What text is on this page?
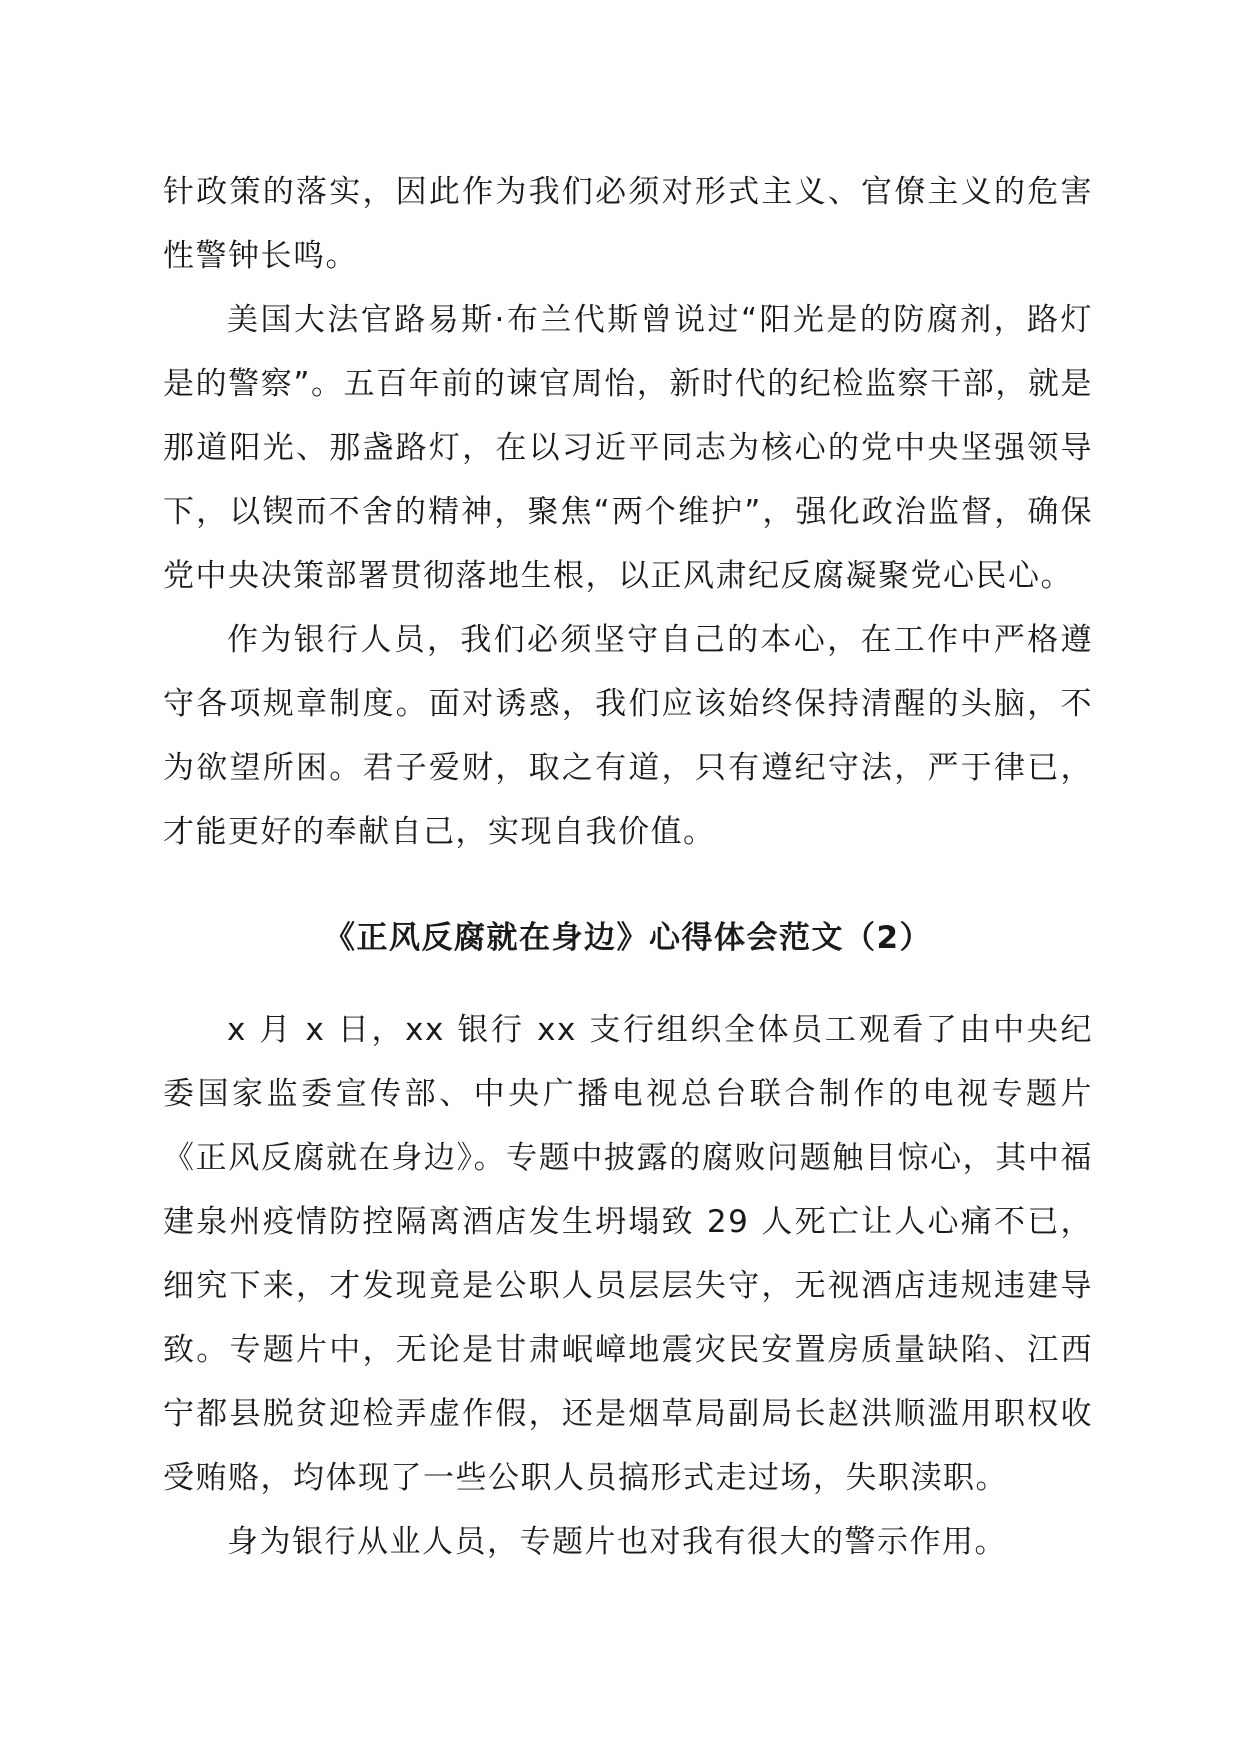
针政策的落实，因此作为我们必须对形式主义、官僚主义的危害性警钟长鸣。

美国大法官路易斯·布兰代斯曾说过“阳光是的防腐剂，路灯是的警察”。五百年前的谏官周怡，新时代的纪检监察干部，就是那道阳光、那盏路灯，在以习近平同志为核心的党中央坚强领导下，以锲而不舍的精神，聚焦“两个维护”，强化政治监督，确保党中央决策部署贯彻落地生根，以正风肃纪反腐凝聚党心民心。

作为银行人员，我们必须坚守自己的本心，在工作中严格遵守各项规章制度。面对诱惑，我们应该始终保持清醒的头脑，不为欲望所困。君子爱财，取之有道，只有遵纪守法，严于律已，才能更好的奉献自己，实现自我价值。

《正风反腐就在身边》心得体会范文（2）

x 月 x 日，xx 银行 xx 支行组织全体员工观看了由中央纪委国家监委宣传部、中央广播电视总台联合制作的电视专题片《正风反腐就在身边》。专题中披露的腐败问题触目惊心，其中福建泉州疫情防控隔离酒店发生坍塌致 29 人死亡让人心痛不已，细究下来，才发现竟是公职人员层层失守，无视酒店违规违建导致。专题片中，无论是甘肃岷嶂地震灾民安置房质量缺陷、江西宁都县脱贫迎检弄虚作假，还是烟草局副局长赵洪顺滥用职权收受贿赂，均体现了一些公职人员搞形式走过场，失职渎职。

身为银行从业人员，专题片也对我有很大的警示作用。
